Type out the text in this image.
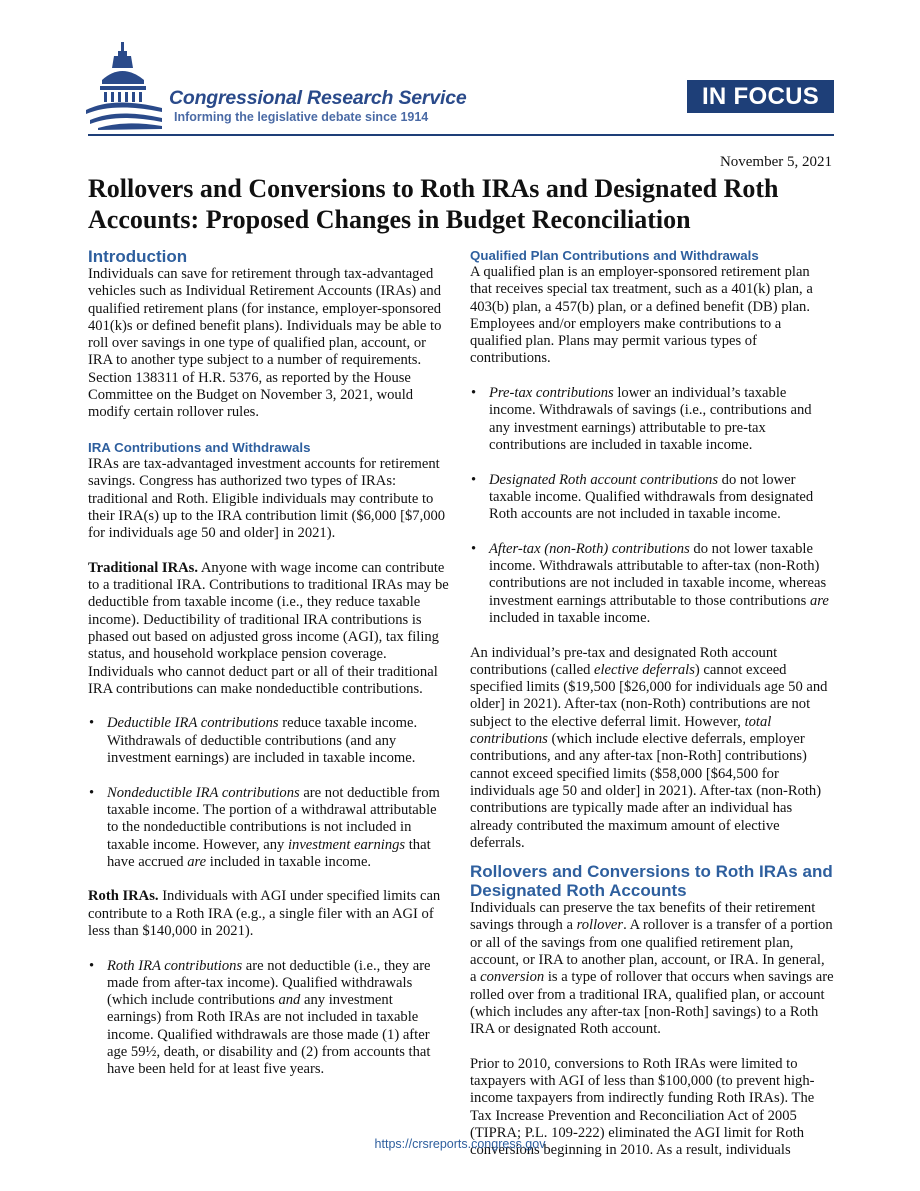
Congressional Research Service
Informing the legislative debate since 1914
IN FOCUS
November 5, 2021
Rollovers and Conversions to Roth IRAs and Designated Roth Accounts: Proposed Changes in Budget Reconciliation
Introduction

Individuals can save for retirement through tax-advantaged vehicles such as Individual Retirement Accounts (IRAs) and qualified retirement plans (for instance, employer-sponsored 401(k)s or defined benefit plans). Individuals may be able to roll over savings in one type of qualified plan, account, or IRA to another type subject to a number of requirements. Section 138311 of H.R. 5376, as reported by the House Committee on the Budget on November 3, 2021, would modify certain rollover rules.

IRA Contributions and Withdrawals

IRAs are tax-advantaged investment accounts for retirement savings. Congress has authorized two types of IRAs: traditional and Roth. Eligible individuals may contribute to their IRA(s) up to the IRA contribution limit ($6,000 [$7,000 for individuals age 50 and older] in 2021).

Traditional IRAs. Anyone with wage income can contribute to a traditional IRA. Contributions to traditional IRAs may be deductible from taxable income (i.e., they reduce taxable income). Deductibility of traditional IRA contributions is phased out based on adjusted gross income (AGI), tax filing status, and household workplace pension coverage. Individuals who cannot deduct part or all of their traditional IRA contributions can make nondeductible contributions.

• Deductible IRA contributions reduce taxable income. Withdrawals of deductible contributions (and any investment earnings) are included in taxable income.
• Nondeductible IRA contributions are not deductible from taxable income. The portion of a withdrawal attributable to the nondeductible contributions is not included in taxable income. However, any investment earnings that have accrued are included in taxable income.

Roth IRAs. Individuals with AGI under specified limits can contribute to a Roth IRA (e.g., a single filer with an AGI of less than $140,000 in 2021).

• Roth IRA contributions are not deductible (i.e., they are made from after-tax income). Qualified withdrawals (which include contributions and any investment earnings) from Roth IRAs are not included in taxable income. Qualified withdrawals are those made (1) after age 59½, death, or disability and (2) from accounts that have been held for at least five years.
Qualified Plan Contributions and Withdrawals

A qualified plan is an employer-sponsored retirement plan that receives special tax treatment, such as a 401(k) plan, a 403(b) plan, a 457(b) plan, or a defined benefit (DB) plan. Employees and/or employers make contributions to a qualified plan. Plans may permit various types of contributions.

• Pre-tax contributions lower an individual’s taxable income. Withdrawals of savings (i.e., contributions and any investment earnings) attributable to pre-tax contributions are included in taxable income.
• Designated Roth account contributions do not lower taxable income. Qualified withdrawals from designated Roth accounts are not included in taxable income.
• After-tax (non-Roth) contributions do not lower taxable income. Withdrawals attributable to after-tax (non-Roth) contributions are not included in taxable income, whereas investment earnings attributable to those contributions are included in taxable income.

An individual’s pre-tax and designated Roth account contributions (called elective deferrals) cannot exceed specified limits ($19,500 [$26,000 for individuals age 50 and older] in 2021). After-tax (non-Roth) contributions are not subject to the elective deferral limit. However, total contributions (which include elective deferrals, employer contributions, and any after-tax [non-Roth] contributions) cannot exceed specified limits ($58,000 [$64,500 for individuals age 50 and older] in 2021). After-tax (non-Roth) contributions are typically made after an individual has already contributed the maximum amount of elective deferrals.

Rollovers and Conversions to Roth IRAs and Designated Roth Accounts

Individuals can preserve the tax benefits of their retirement savings through a rollover. A rollover is a transfer of a portion or all of the savings from one qualified retirement plan, account, or IRA to another plan, account, or IRA. In general, a conversion is a type of rollover that occurs when savings are rolled over from a traditional IRA, qualified plan, or account (which includes any after-tax [non-Roth] savings) to a Roth IRA or designated Roth account.

Prior to 2010, conversions to Roth IRAs were limited to taxpayers with AGI of less than $100,000 (to prevent high-income taxpayers from indirectly funding Roth IRAs). The Tax Increase Prevention and Reconciliation Act of 2005 (TIPRA; P.L. 109-222) eliminated the AGI limit for Roth conversions beginning in 2010. As a result, individuals

https://crsreports.congress.gov
